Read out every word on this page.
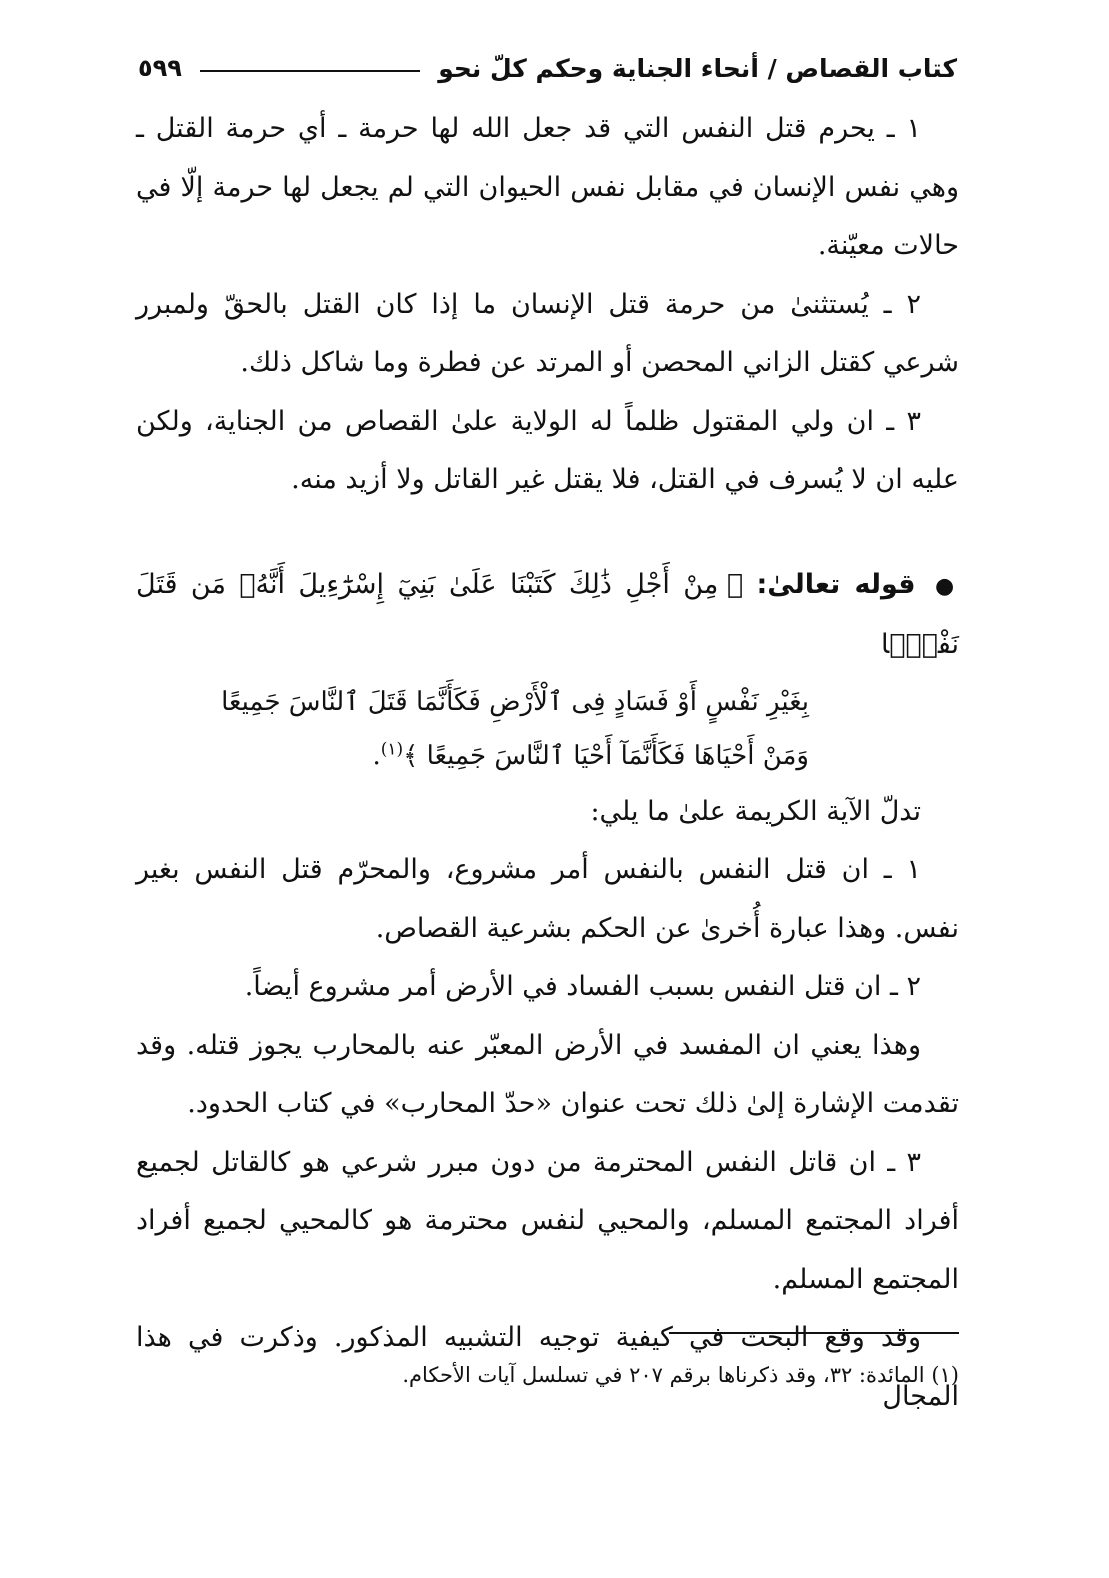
كتاب القصاص / أنحاء الجناية وحكم كلّ نحو
٥٩٩

١ ـ يحرم قتل النفس التي قد جعل الله لها حرمة ـ أي حرمة القتل ـ وهي نفس الإنسان في مقابل نفس الحيوان التي لم يجعل لها حرمة إلّا في حالات معيّنة.

٢ ـ يُستثنىٰ من حرمة قتل الإنسان ما إذا كان القتل بالحقّ ولمبرر شرعي كقتل الزاني المحصن أو المرتد عن فطرة وما شاكل ذلك.

٣ ـ ان ولي المقتول ظلماً له الولاية علىٰ القصاص من الجناية، ولكن عليه ان لا يُسرف في القتل، فلا يقتل غير القاتل ولا أزيد منه.

● قوله تعالىٰ: ﴿ مِنْ أَجْلِ ذَٰلِكَ كَتَبْنَا عَلَىٰ بَنِيٓ إِسْرَٰٓءِيلَ أَنَّهُۥ مَن قَتَلَ نَفْسًۢا
بِغَيْرِ نَفْسٍ أَوْ فَسَادٍ فِى ٱلْأَرْضِ فَكَأَنَّمَا قَتَلَ ٱلنَّاسَ جَمِيعًا
وَمَنْ أَحْيَاهَا فَكَأَنَّمَآ أَحْيَا ٱلنَّاسَ جَمِيعًا ﴾$^{(١)}$.

تدلّ الآية الكريمة علىٰ ما يلي:

١ ـ ان قتل النفس بالنفس أمر مشروع، والمحرّم قتل النفس بغير نفس. وهذا عبارة أُخرىٰ عن الحكم بشرعية القصاص.

٢ ـ ان قتل النفس بسبب الفساد في الأرض أمر مشروع أيضاً.

وهذا يعني ان المفسد في الأرض المعبّر عنه بالمحارب يجوز قتله. وقد تقدمت الإشارة إلىٰ ذلك تحت عنوان «حدّ المحارب» في كتاب الحدود.

٣ ـ ان قاتل النفس المحترمة من دون مبرر شرعي هو كالقاتل لجميع أفراد المجتمع المسلم، والمحيي لنفس محترمة هو كالمحيي لجميع أفراد المجتمع المسلم.

وقد وقع البحث في كيفية توجيه التشبيه المذكور. وذكرت في هذا المجال

(١) المائدة: ٣٢، وقد ذكرناها برقم ٢٠٧ في تسلسل آيات الأحكام.
